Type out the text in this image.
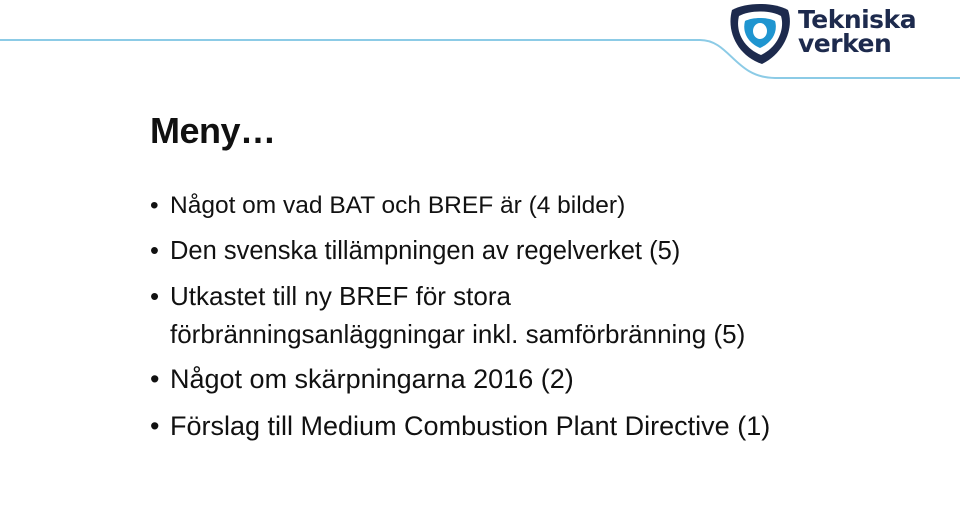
Tekniska
verken
Meny…
• Något om vad BAT och BREF är (4 bilder)
• Den svenska tillämpningen av regelverket (5)
• Utkastet till ny BREF för stora förbränningsanläggningar inkl. samförbränning (5)
• Något om skärpningarna 2016 (2)
• Förslag till Medium Combustion Plant Directive (1)
